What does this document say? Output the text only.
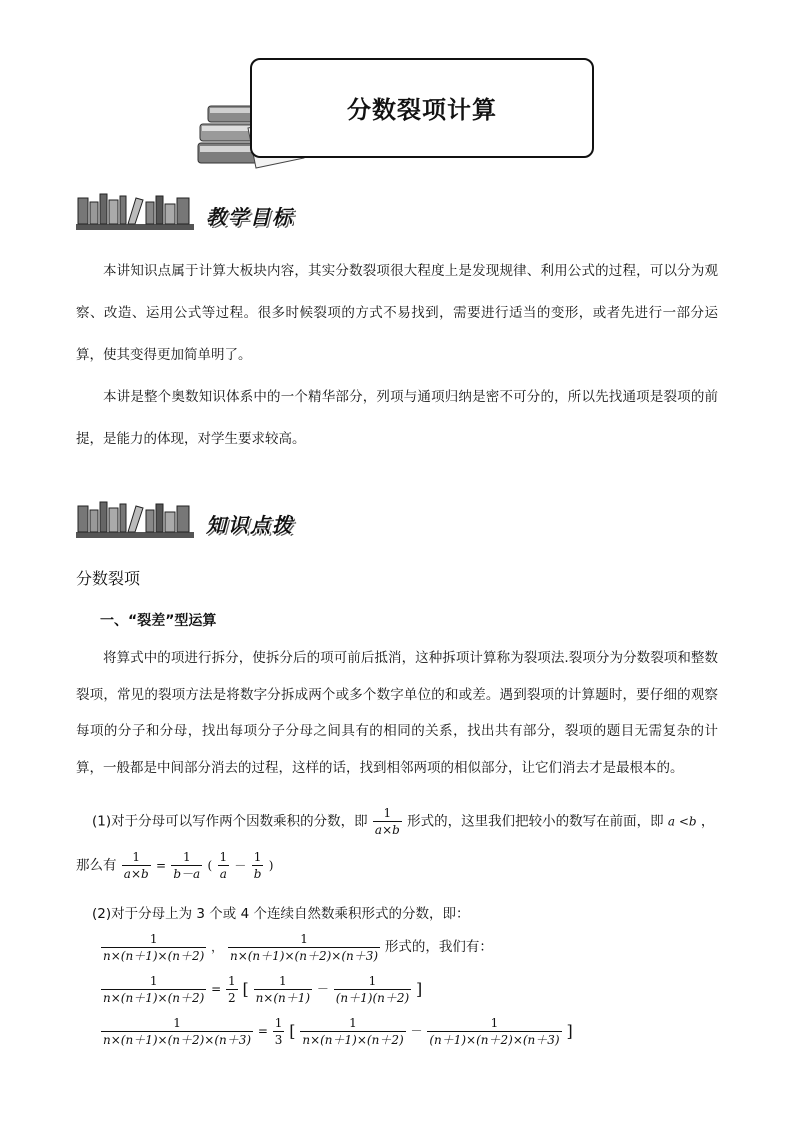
分数裂项计算
教学目标
本讲知识点属于计算大板块内容，其实分数裂项很大程度上是发现规律、利用公式的过程，可以分为观察、改造、运用公式等过程。很多时候裂项的方式不易找到，需要进行适当的变形，或者先进行一部分运算，使其变得更加简单明了。
本讲是整个奥数知识体系中的一个精华部分，列项与通项归纳是密不可分的，所以先找通项是裂项的前提，是能力的体现，对学生要求较高。
知识点拨
分数裂项
一、“裂差”型运算
将算式中的项进行拆分，使拆分后的项可前后抵消，这种拆项计算称为裂项法.裂项分为分数裂项和整数裂项，常见的裂项方法是将数字分拆成两个或多个数字单位的和或差。遇到裂项的计算题时，要仔细的观察每项的分子和分母，找出每项分子分母之间具有的相同的关系，找出共有部分，裂项的题目无需复杂的计算，一般都是中间部分消去的过程，这样的话，找到相邻两项的相似部分，让它们消去才是最根本的。
(1)对于分母可以写作两个因数乘积的分数，即 $\frac{1}{a\times b}$ 形式的，这里我们把较小的数写在前面，即 a <b ，
那么有 $\frac{1}{a\times b} = \frac{1}{b-a}$ ( $\frac{1}{a} - \frac{1}{b}$ )
(2)对于分母上为 3 个或 4 个连续自然数乘积形式的分数，即：
$\frac{1}{n\times(n+1)\times(n+2)}$ ， $\frac{1}{n\times(n+1)\times(n+2)\times(n+3)}$ 形式的，我们有：
$\frac{1}{n\times(n+1)\times(n+2)} = \frac{1}{2}$ [ $\frac{1}{n\times(n+1)} - \frac{1}{(n+1)(n+2)}$ ]
$\frac{1}{n\times(n+1)\times(n+2)\times(n+3)} = \frac{1}{3}$ [ $\frac{1}{n\times(n+1)\times(n+2)} - \frac{1}{(n+1)\times(n+2)\times(n+3)}$ ]
